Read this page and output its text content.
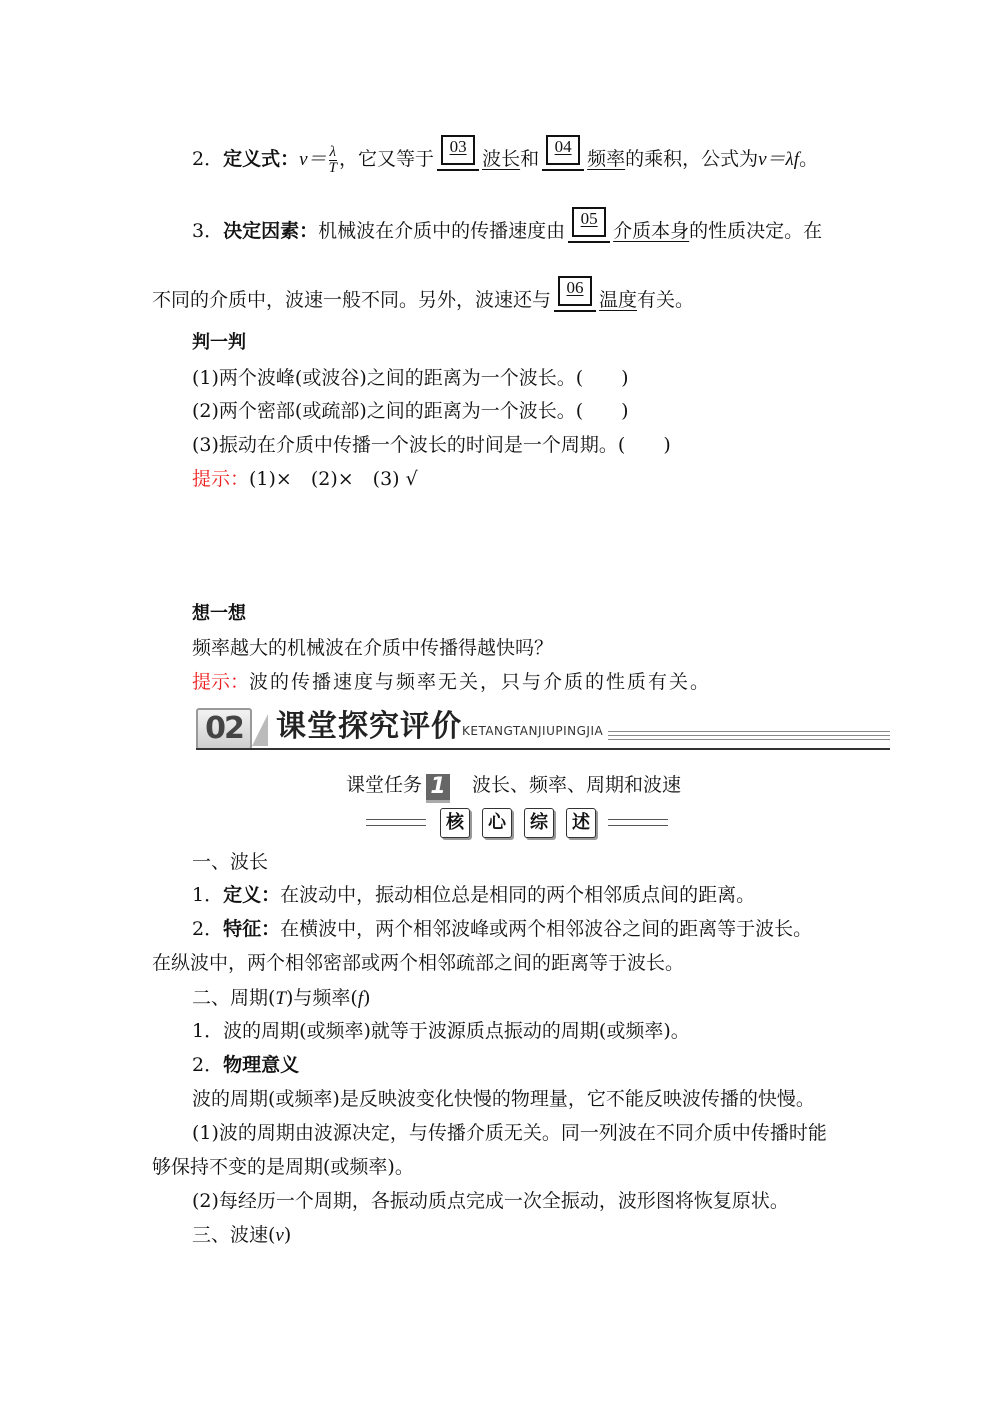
2．定义式：$v= \frac{\lambda}{T}$ ，它又等于
03
波长和
04
频率的乘积，公式为v＝λf。
3．决定因素：机械波在介质中的传播速度由
05
介质本身的性质决定。在
不同的介质中，波速一般不同。另外，波速还与
06
温度有关。
判一判
(1)两个波峰(或波谷)之间的距离为一个波长。(　　)
(2)两个密部(或疏部)之间的距离为一个波长。(　　)
(3)振动在介质中传播一个波长的时间是一个周期。(　　)
提示：(1)×　(2)×　(3) √
想一想
频率越大的机械波在介质中传播得越快吗？
提示：波的传播速度与频率无关，只与介质的性质有关。
02	课堂探究评价 KETANGTANJIUPINGJIA
课堂任务 1 波长、频率、周期和波速
核	心	综	述
一、波长
1．定义：在波动中，振动相位总是相同的两个相邻质点间的距离。
2．特征：在横波中，两个相邻波峰或两个相邻波谷之间的距离等于波长。
在纵波中，两个相邻密部或两个相邻疏部之间的距离等于波长。
二、周期(T)与频率(f)
1．波的周期(或频率)就等于波源质点振动的周期(或频率)。
2．物理意义
波的周期(或频率)是反映波变化快慢的物理量，它不能反映波传播的快慢。
(1)波的周期由波源决定，与传播介质无关。同一列波在不同介质中传播时能
够保持不变的是周期(或频率)。
(2)每经历一个周期，各振动质点完成一次全振动，波形图将恢复原状。
三、波速(v)
